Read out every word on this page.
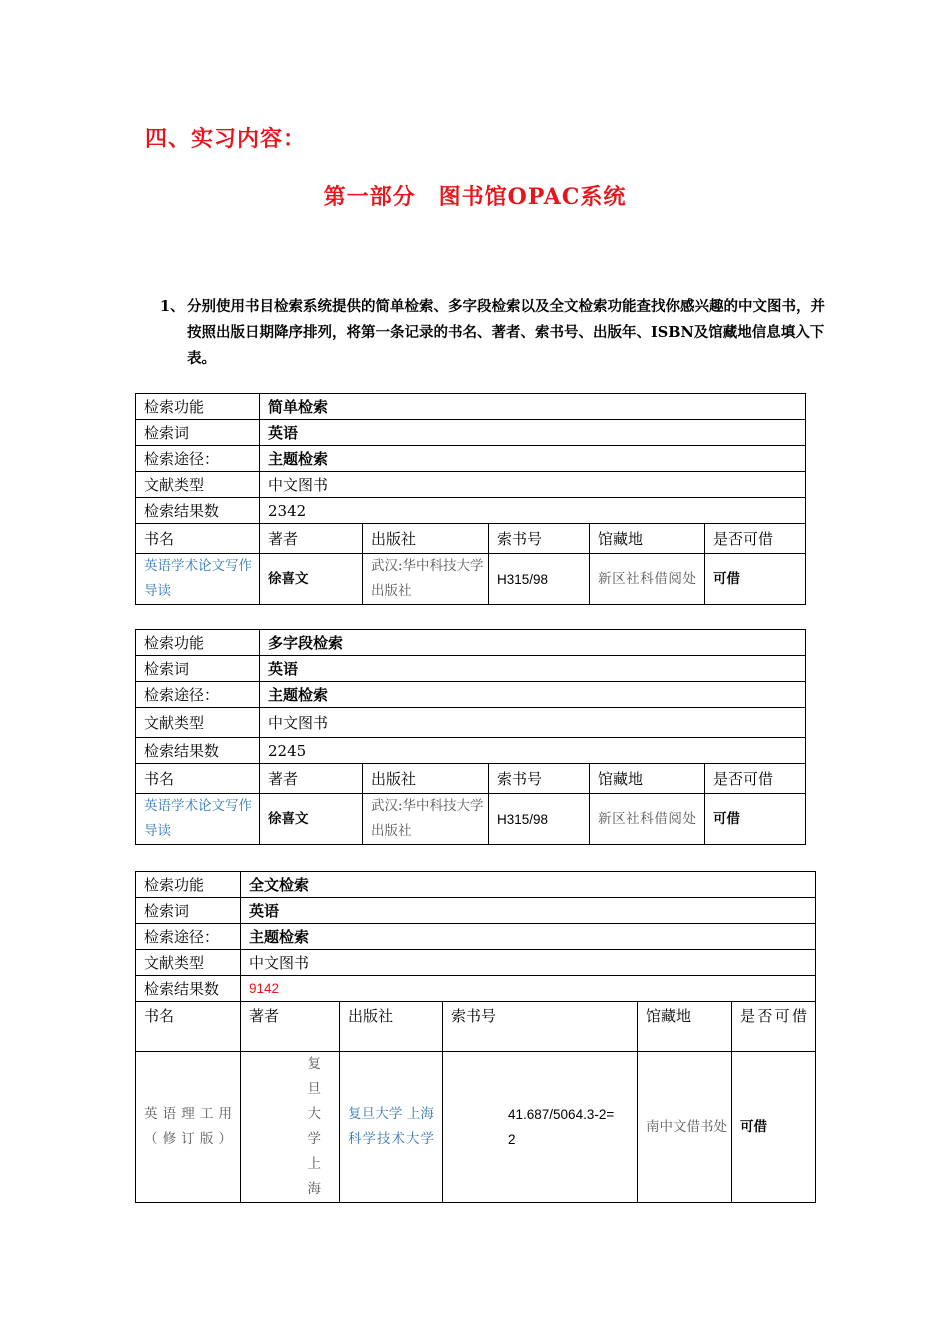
四、实习内容：
第一部分　图书馆OPAC系统
1、 分别使用书目检索系统提供的简单检索、多字段检索以及全文检索功能查找你感兴趣的中文图书，并按照出版日期降序排列，将第一条记录的书名、著者、索书号、出版年、ISBN及馆藏地信息填入下表。
检索功能	简单检索				
检索词	英语				
检索途径：	主题检索				
文献类型	中文图书				
检索结果数	2342				
书名	著者	出版社	索书号	馆藏地	是否可借
英语学术论文写作导读	徐喜文	武汉:华中科技大学出版社	H315/98	新区社科借阅处	可借
检索功能	多字段检索				
检索词	英语				
检索途径：	主题检索				
文献类型	中文图书				
检索结果数	2245				
书名	著者	出版社	索书号	馆藏地	是否可借
英语学术论文写作导读	徐喜文	武汉:华中科技大学出版社	H315/98	新区社科借阅处	可借
检索功能	全文检索				
检索词	英语				
检索途径：	主题检索				
文献类型	中文图书				
检索结果数	9142				
书名	著者	出版社	索书号	馆藏地	是否可借
英语理工用（修订版）	复旦大学上海	复旦大学 上海科学技术大学	41.687/5064.3-2=2	南中文借书处	可借
